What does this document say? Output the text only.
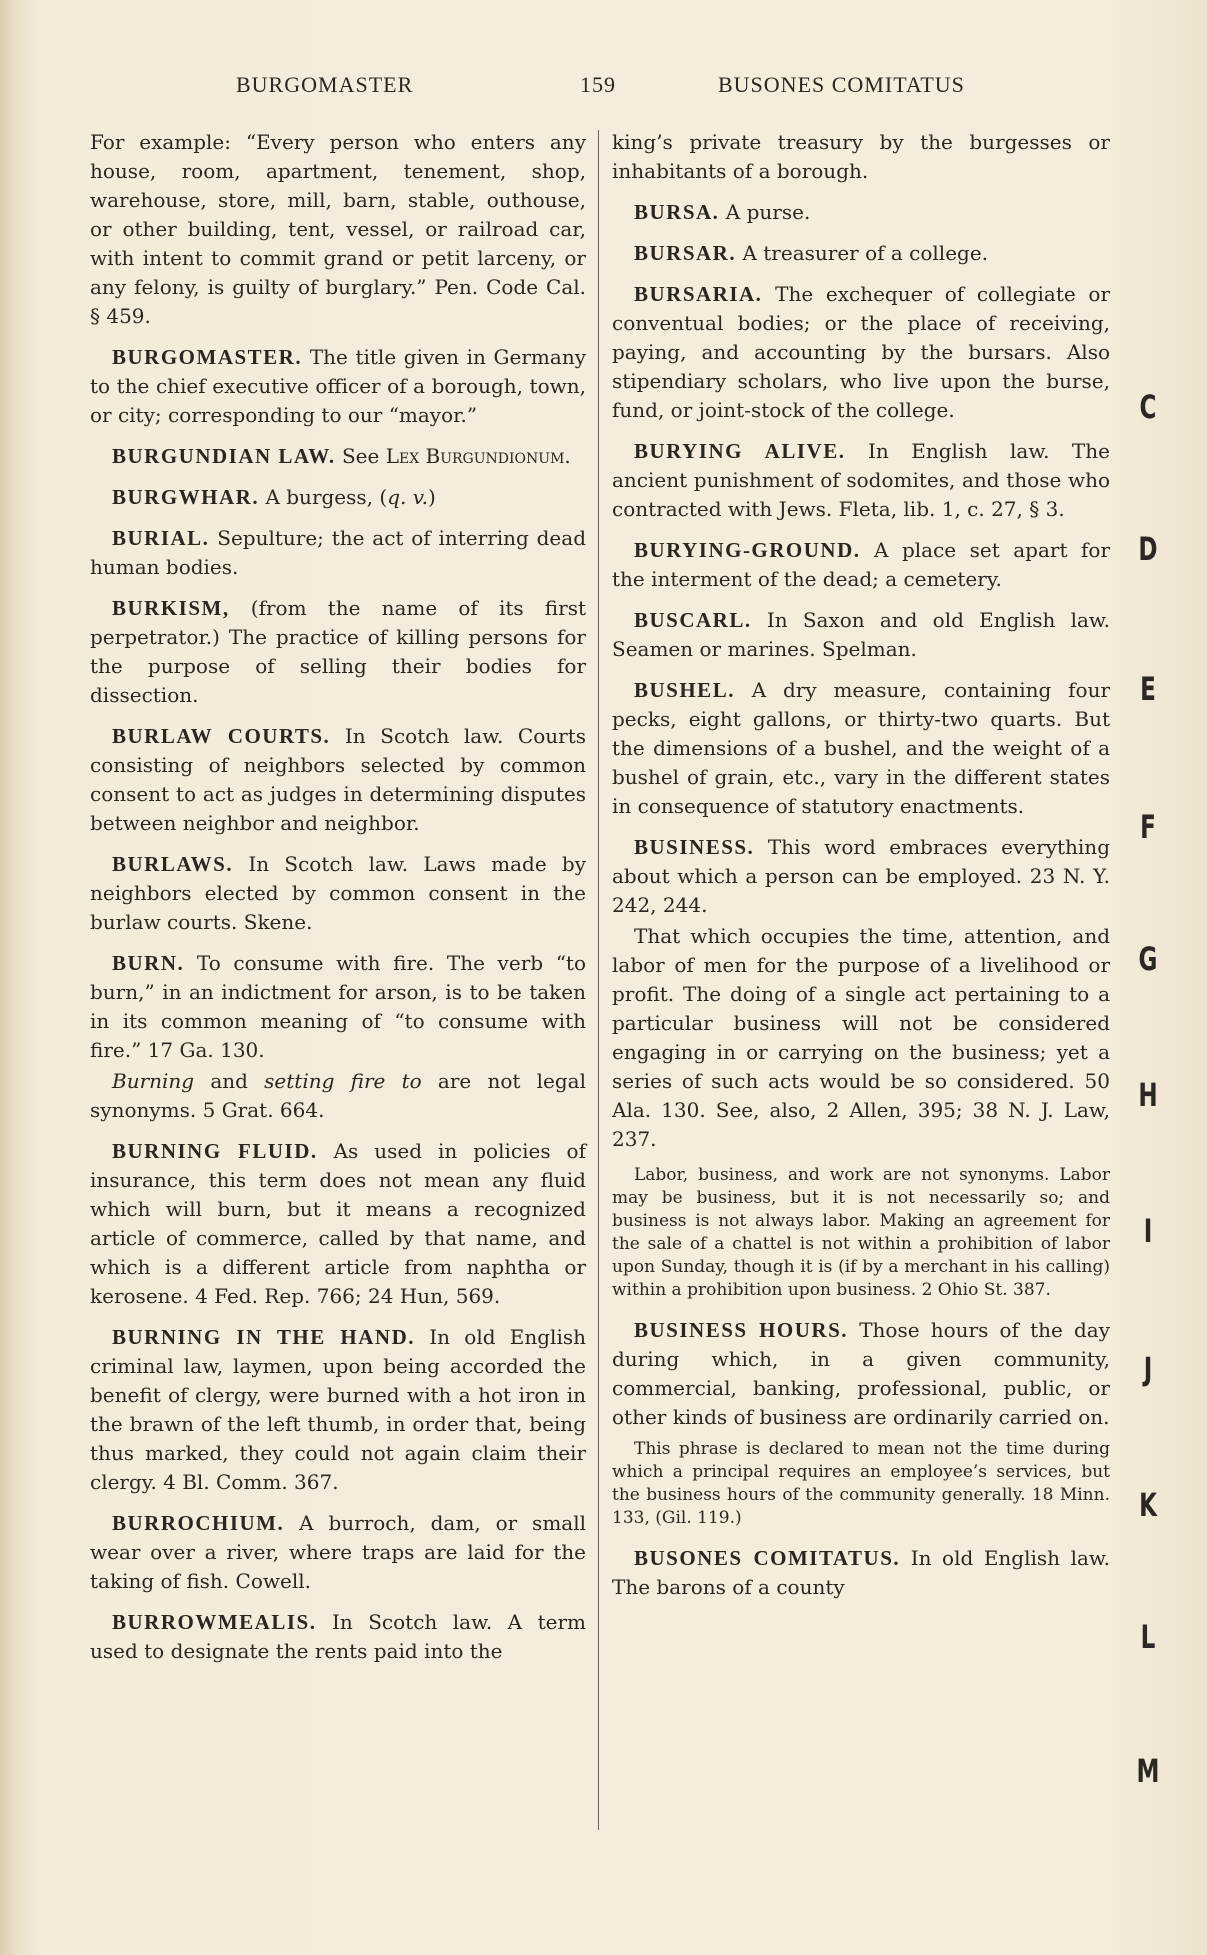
BURGOMASTER	159	BUSONES COMITATUS

For example: “Every person who enters any house, room, apartment, tenement, shop, warehouse, store, mill, barn, stable, outhouse, or other building, tent, vessel, or railroad car, with intent to commit grand or petit larceny, or any felony, is guilty of burglary.” Pen. Code Cal. § 459.

BURGOMASTER. The title given in Germany to the chief executive officer of a borough, town, or city; corresponding to our “mayor.”

BURGUNDIAN LAW. See Lex Burgundionum.

BURGWHAR. A burgess, (q. v.)

BURIAL. Sepulture; the act of interring dead human bodies.

BURKISM, (from the name of its first perpetrator.) The practice of killing persons for the purpose of selling their bodies for dissection.

BURLAW COURTS. In Scotch law. Courts consisting of neighbors selected by common consent to act as judges in determining disputes between neighbor and neighbor.

BURLAWS. In Scotch law. Laws made by neighbors elected by common consent in the burlaw courts. Skene.

BURN. To consume with fire. The verb “to burn,” in an indictment for arson, is to be taken in its common meaning of “to consume with fire.” 17 Ga. 130.

Burning and setting fire to are not legal synonyms. 5 Grat. 664.

BURNING FLUID. As used in policies of insurance, this term does not mean any fluid which will burn, but it means a recognized article of commerce, called by that name, and which is a different article from naphtha or kerosene. 4 Fed. Rep. 766; 24 Hun, 569.

BURNING IN THE HAND. In old English criminal law, laymen, upon being accorded the benefit of clergy, were burned with a hot iron in the brawn of the left thumb, in order that, being thus marked, they could not again claim their clergy. 4 Bl. Comm. 367.

BURROCHIUM. A burroch, dam, or small wear over a river, where traps are laid for the taking of fish. Cowell.

BURROWMEALIS. In Scotch law. A term used to designate the rents paid into the

king’s private treasury by the burgesses or inhabitants of a borough.

BURSA. A purse.

BURSAR. A treasurer of a college.

BURSARIA. The exchequer of collegiate or conventual bodies; or the place of receiving, paying, and accounting by the bursars. Also stipendiary scholars, who live upon the burse, fund, or joint-stock of the college.

BURYING ALIVE. In English law. The ancient punishment of sodomites, and those who contracted with Jews. Fleta, lib. 1, c. 27, § 3.

BURYING-GROUND. A place set apart for the interment of the dead; a cemetery.

BUSCARL. In Saxon and old English law. Seamen or marines. Spelman.

BUSHEL. A dry measure, containing four pecks, eight gallons, or thirty-two quarts. But the dimensions of a bushel, and the weight of a bushel of grain, etc., vary in the different states in consequence of statutory enactments.

BUSINESS. This word embraces everything about which a person can be employed. 23 N. Y. 242, 244.

That which occupies the time, attention, and labor of men for the purpose of a livelihood or profit. The doing of a single act pertaining to a particular business will not be considered engaging in or carrying on the business; yet a series of such acts would be so considered. 50 Ala. 130. See, also, 2 Allen, 395; 38 N. J. Law, 237.

Labor, business, and work are not synonyms. Labor may be business, but it is not necessarily so; and business is not always labor. Making an agreement for the sale of a chattel is not within a prohibition of labor upon Sunday, though it is (if by a merchant in his calling) within a prohibition upon business. 2 Ohio St. 387.

BUSINESS HOURS. Those hours of the day during which, in a given community, commercial, banking, professional, public, or other kinds of business are ordinarily carried on.

This phrase is declared to mean not the time during which a principal requires an employee’s services, but the business hours of the community generally. 18 Minn. 133, (Gil. 119.)

BUSONES COMITATUS. In old English law. The barons of a county

C
D
E
F
G
H
I
J
K
L
M
